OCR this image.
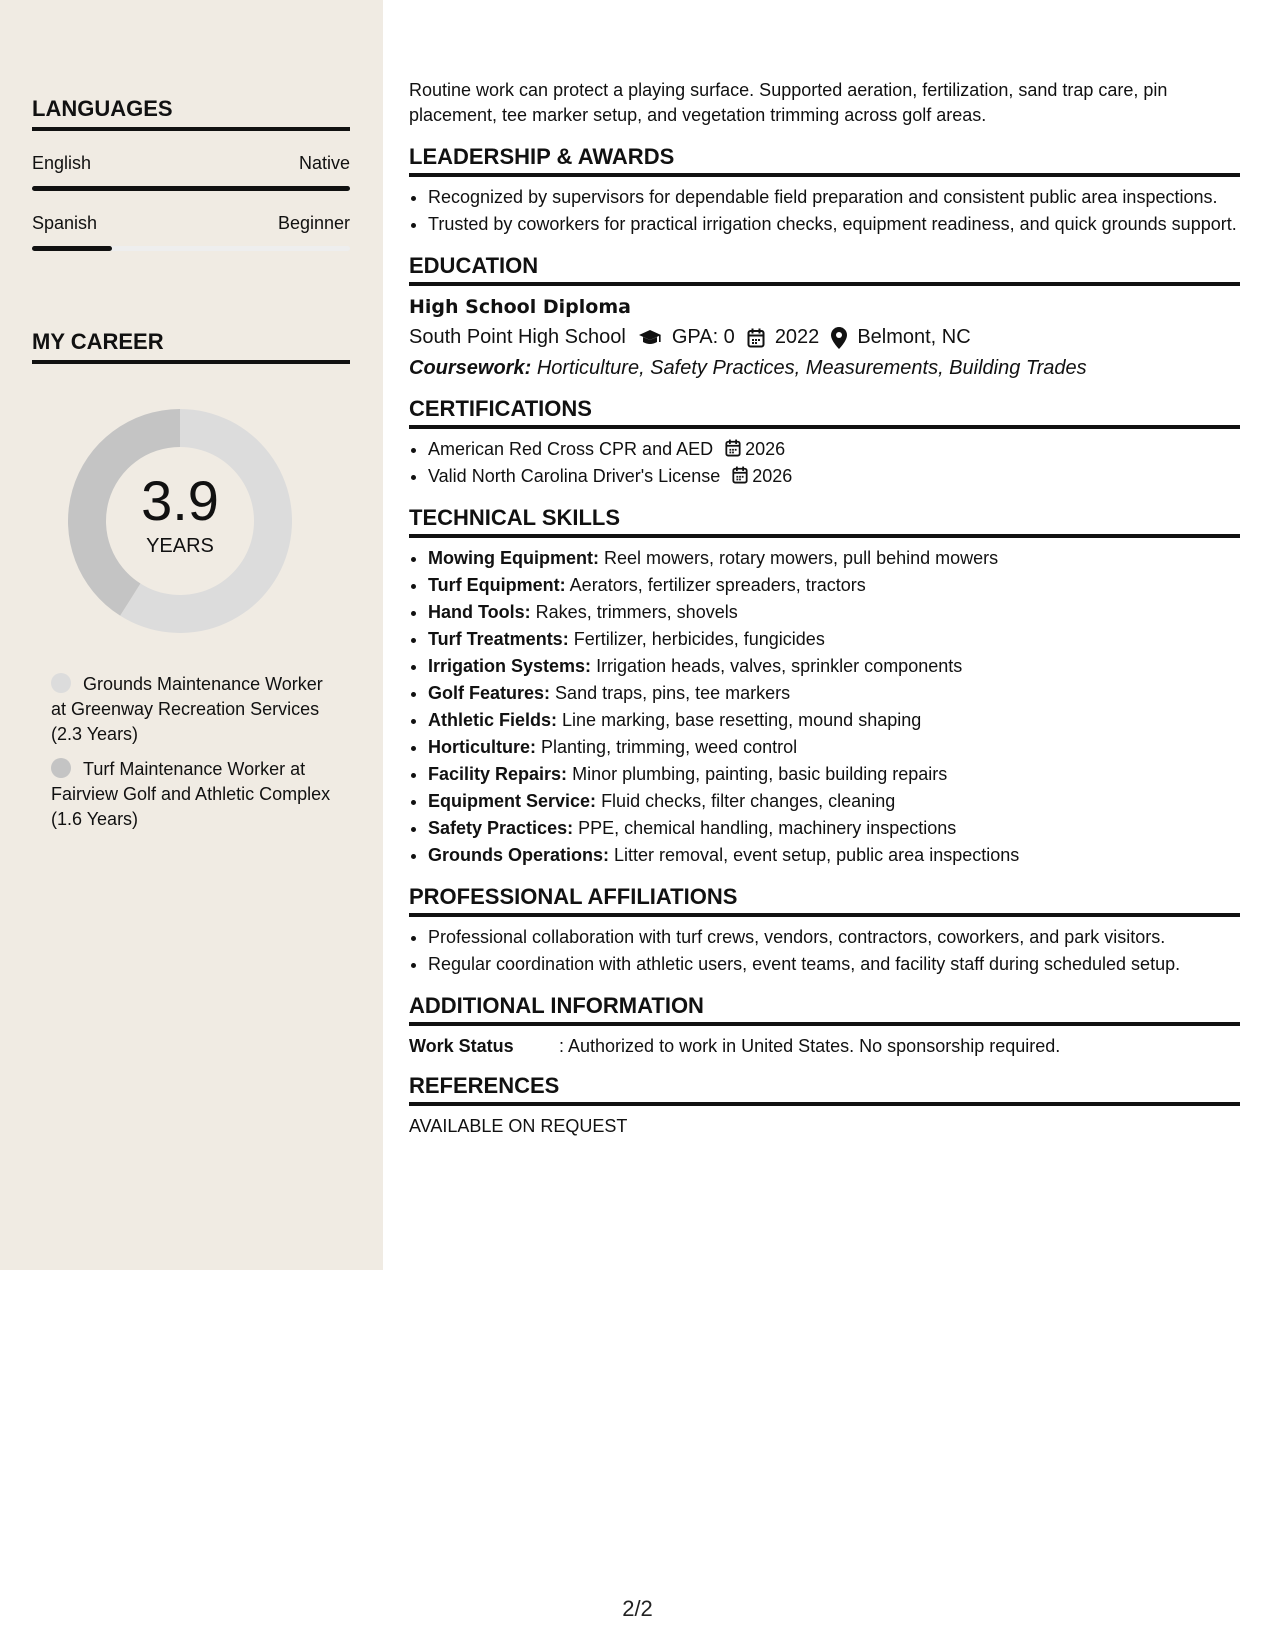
LANGUAGES
English	Native
Spanish	Beginner
MY CAREER
3.9
YEARS
Grounds Maintenance Worker at Greenway Recreation Services (2.3 Years)
Turf Maintenance Worker at Fairview Golf and Athletic Complex (1.6 Years)

Routine work can protect a playing surface. Supported aeration, fertilization, sand trap care, pin placement, tee marker setup, and vegetation trimming across golf areas.

LEADERSHIP & AWARDS
• Recognized by supervisors for dependable field preparation and consistent public area inspections.
• Trusted by coworkers for practical irrigation checks, equipment readiness, and quick grounds support.
EDUCATION
High School Diploma
South Point High School GPA: 0 2022 Belmont, NC
Coursework: Horticulture, Safety Practices, Measurements, Building Trades
CERTIFICATIONS
• American Red Cross CPR and AED 2026
• Valid North Carolina Driver's License 2026
TECHNICAL SKILLS
• Mowing Equipment: Reel mowers, rotary mowers, pull behind mowers
• Turf Equipment: Aerators, fertilizer spreaders, tractors
• Hand Tools: Rakes, trimmers, shovels
• Turf Treatments: Fertilizer, herbicides, fungicides
• Irrigation Systems: Irrigation heads, valves, sprinkler components
• Golf Features: Sand traps, pins, tee markers
• Athletic Fields: Line marking, base resetting, mound shaping
• Horticulture: Planting, trimming, weed control
• Facility Repairs: Minor plumbing, painting, basic building repairs
• Equipment Service: Fluid checks, filter changes, cleaning
• Safety Practices: PPE, chemical handling, machinery inspections
• Grounds Operations: Litter removal, event setup, public area inspections
PROFESSIONAL AFFILIATIONS
• Professional collaboration with turf crews, vendors, contractors, coworkers, and park visitors.
• Regular coordination with athletic users, event teams, and facility staff during scheduled setup.
ADDITIONAL INFORMATION
Work Status	: Authorized to work in United States. No sponsorship required.
REFERENCES
AVAILABLE ON REQUEST
2/2
